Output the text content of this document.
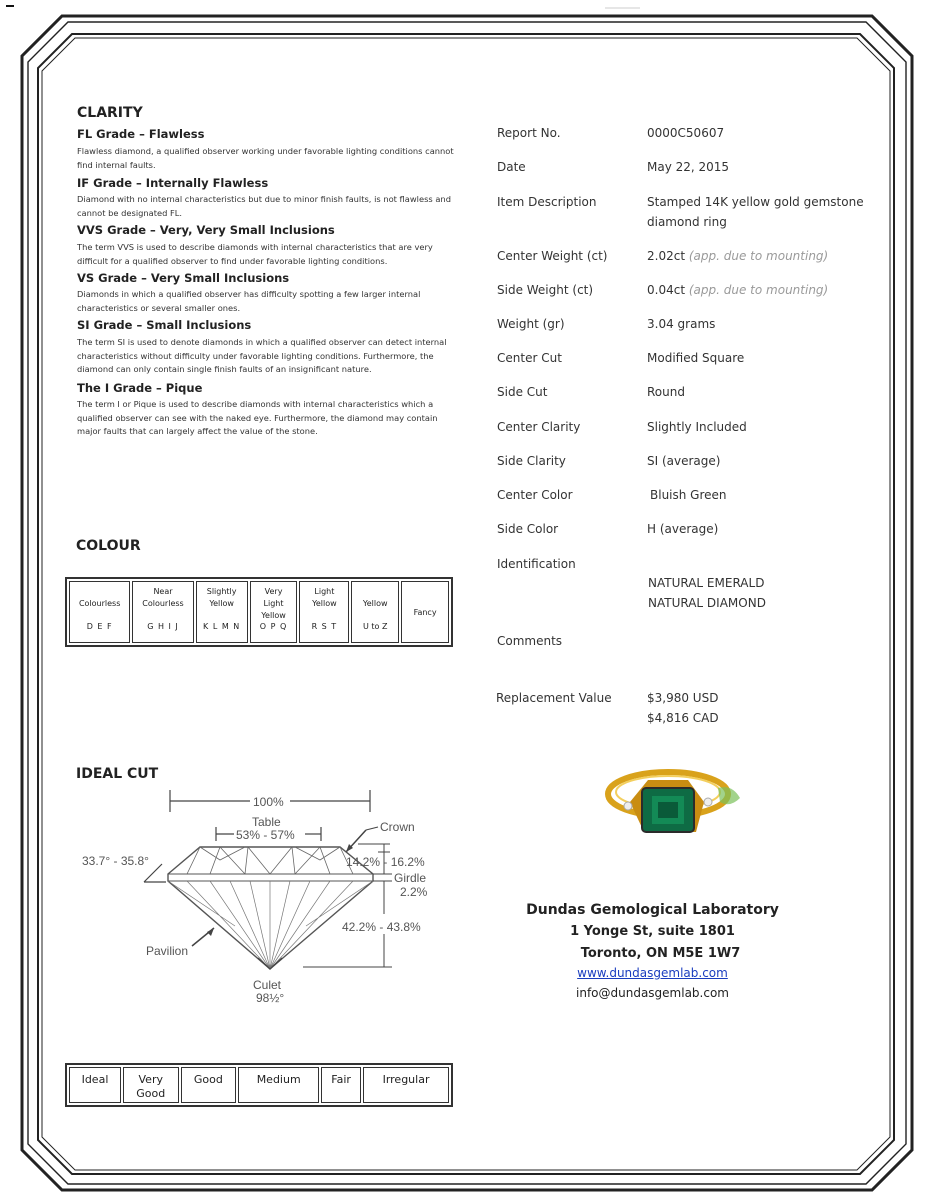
CLARITY
FL Grade – Flawless
Flawless diamond, a qualified observer working under favorable lighting conditions cannot find internal faults.
IF Grade – Internally Flawless
Diamond with no internal characteristics but due to minor finish faults, is not flawless and cannot be designated FL.
VVS Grade – Very, Very Small Inclusions
The term VVS is used to describe diamonds with internal characteristics that are very difficult for a qualified observer to find under favorable lighting conditions.
VS Grade – Very Small Inclusions
Diamonds in which a qualified observer has difficulty spotting a few larger internal characteristics or several smaller ones.
SI Grade – Small Inclusions
The term SI is used to denote diamonds in which a qualified observer can detect internal characteristics without difficulty under favorable lighting conditions. Furthermore, the diamond can only contain single finish faults of an insignificant nature.
The I Grade – Pique
The term I or Pique is used to describe diamonds with internal characteristics which a qualified observer can see with the naked eye. Furthermore, the diamond may contain major faults that can largely affect the value of the stone.
COLOUR
Colourless
D E F

Near
Colourless
G H I J

Slightly
Yellow
K L M N

Very
Light
Yellow
O P Q

Light
Yellow
R S T

Yellow
U to Z

Fancy
IDEAL CUT
100%
Table
53% - 57%
Crown
33.7° - 35.8°	14.2% - 16.2%
Girdle
2.2%
42.2% - 43.8%
Pavilion
Culet
98½°
Ideal	Very
Good

Good	Medium	Fair	Irregular
Report No.	0000C50607
Date	May 22, 2015
Item Description	Stamped 14K yellow gold gemstone diamond ring
Center Weight (ct)	2.02ct (app. due to mounting)
Side Weight (ct)	0.04ct (app. due to mounting)
Weight (gr)	3.04 grams
Center Cut	Modified Square
Side Cut	Round
Center Clarity	Slightly Included
Side Clarity	SI (average)
Center Color	Bluish Green
Side Color	H (average)
Identification
NATURAL EMERALD
NATURAL DIAMOND
Comments
Replacement Value	$3,980 USD
$4,816 CAD
Dundas Gemological Laboratory
1 Yonge St, suite 1801
Toronto, ON M5E 1W7
www.dundasgemlab.com
info@dundasgemlab.com
